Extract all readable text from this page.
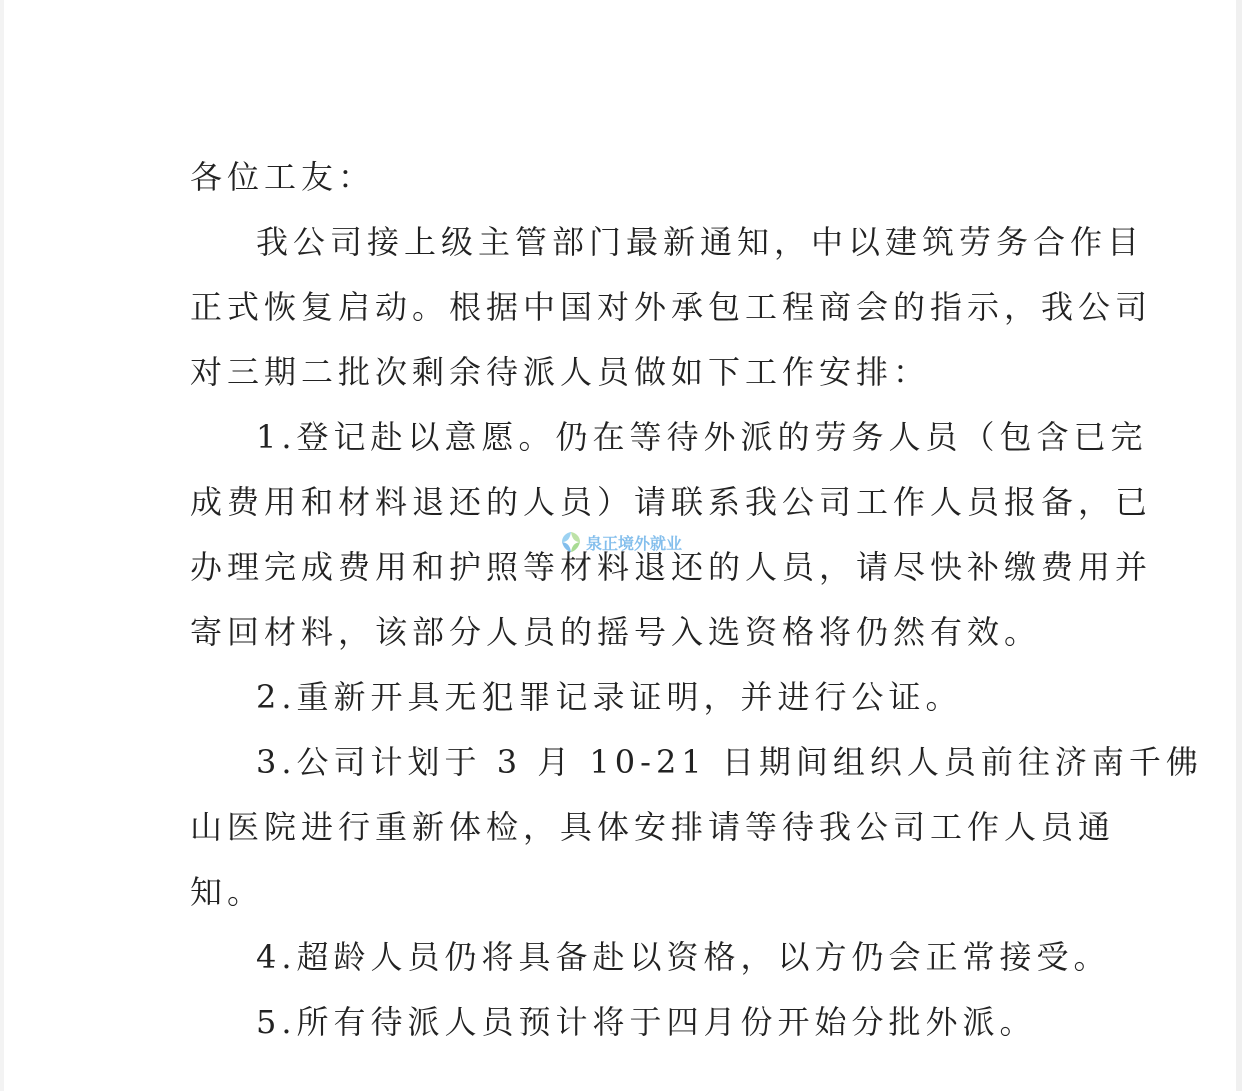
各位工友：
我公司接上级主管部门最新通知，中以建筑劳务合作目
正式恢复启动。根据中国对外承包工程商会的指示，我公司
对三期二批次剩余待派人员做如下工作安排：
1.登记赴以意愿。仍在等待外派的劳务人员（包含已完
成费用和材料退还的人员）请联系我公司工作人员报备，已
办理完成费用和护照等材料退还的人员，请尽快补缴费用并
寄回材料，该部分人员的摇号入选资格将仍然有效。
2.重新开具无犯罪记录证明，并进行公证。
3.公司计划于 3 月 10-21 日期间组织人员前往济南千佛
山医院进行重新体检，具体安排请等待我公司工作人员通
知。
4.超龄人员仍将具备赴以资格，以方仍会正常接受。
5.所有待派人员预计将于四月份开始分批外派。
泉正境外就业
